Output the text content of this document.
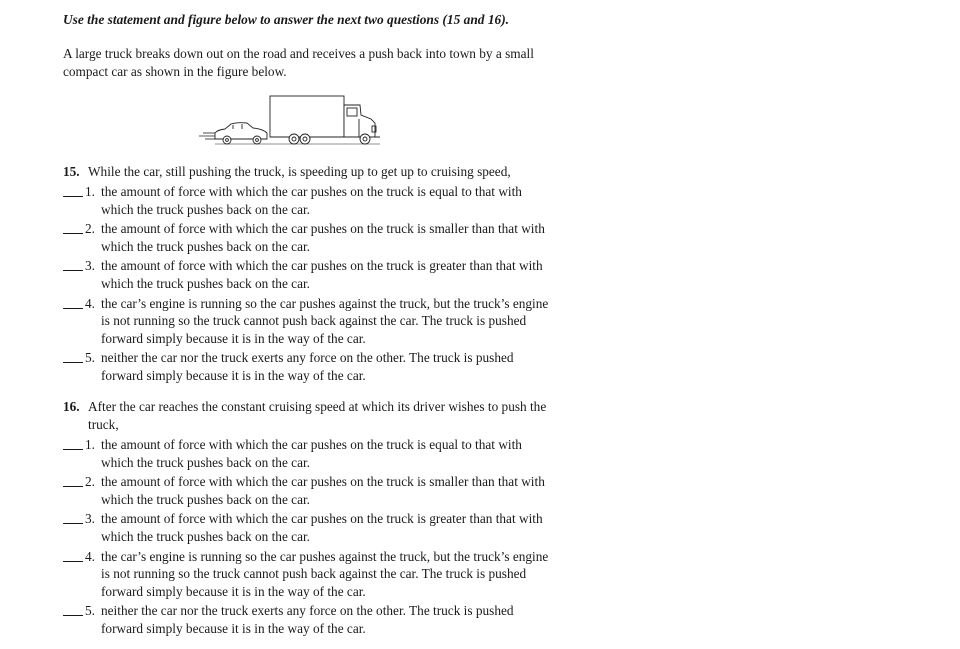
Use the statement and figure below to answer the next two questions (15 and 16).
A large truck breaks down out on the road and receives a push back into town by a small compact car as shown in the figure below.
15. While the car, still pushing the truck, is speeding up to get up to cruising speed,
1. the amount of force with which the car pushes on the truck is equal to that with which the truck pushes back on the car.
2. the amount of force with which the car pushes on the truck is smaller than that with which the truck pushes back on the car.
3. the amount of force with which the car pushes on the truck is greater than that with which the truck pushes back on the car.
4. the car’s engine is running so the car pushes against the truck, but the truck’s engine is not running so the truck cannot push back against the car. The truck is pushed forward simply because it is in the way of the car.
5. neither the car nor the truck exerts any force on the other. The truck is pushed forward simply because it is in the way of the car.
16. After the car reaches the constant cruising speed at which its driver wishes to push the truck,
1. the amount of force with which the car pushes on the truck is equal to that with which the truck pushes back on the car.
2. the amount of force with which the car pushes on the truck is smaller than that with which the truck pushes back on the car.
3. the amount of force with which the car pushes on the truck is greater than that with which the truck pushes back on the car.
4. the car’s engine is running so the car pushes against the truck, but the truck’s engine is not running so the truck cannot push back against the car. The truck is pushed forward simply because it is in the way of the car.
5. neither the car nor the truck exerts any force on the other. The truck is pushed forward simply because it is in the way of the car.
